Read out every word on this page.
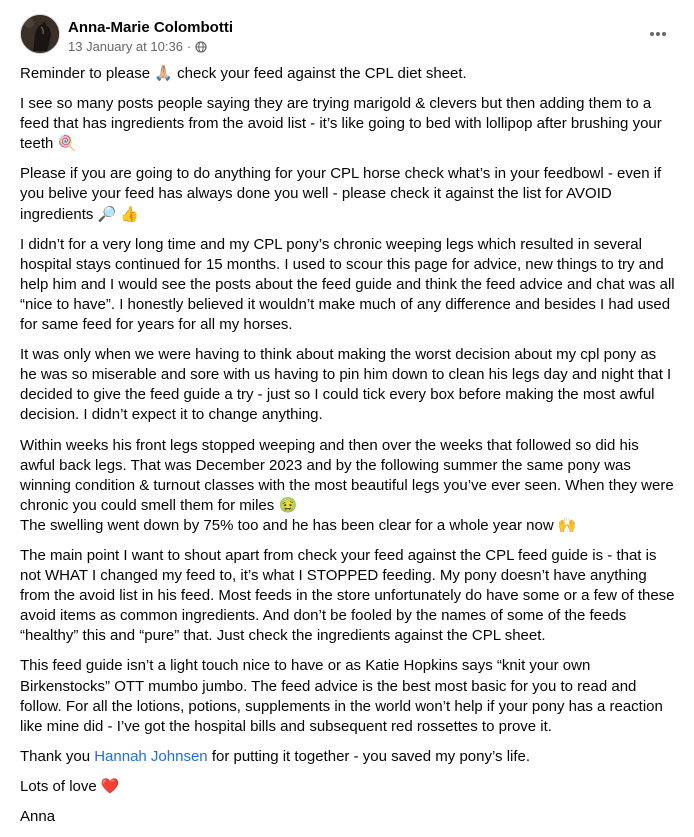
Anna-Marie Colombotti
13 January at 10:36 ·

Reminder to please 🙏🏼 check your feed against the CPL diet sheet.

I see so many posts people saying they are trying marigold & clevers but then adding them to a feed that has ingredients from the avoid list - it’s like going to bed with lollipop after brushing your teeth 🍭

Please if you are going to do anything for your CPL horse check what’s in your feedbowl - even if you belive your feed has always done you well - please check it against the list for AVOID ingredients 🔎 👍

I didn’t for a very long time and my CPL pony’s chronic weeping legs which resulted in several hospital stays continued for 15 months. I used to scour this page for advice, new things to try and help him and I would see the posts about the feed guide and think the feed advice and chat was all “nice to have”. I honestly believed it wouldn’t make much of any difference and besides I had used for same feed for years for all my horses.

It was only when we were having to think about making the worst decision about my cpl pony as he was so miserable and sore with us having to pin him down to clean his legs day and night that I decided to give the feed guide a try - just so I could tick every box before making the most awful decision. I didn’t expect it to change anything.

Within weeks his front legs stopped weeping and then over the weeks that followed so did his awful back legs. That was December 2023 and by the following summer the same pony was winning condition & turnout classes with the most beautiful legs you’ve ever seen. When they were chronic you could smell them for miles 🤢
The swelling went down by 75% too and he has been clear for a whole year now 🙌

The main point I want to shout apart from check your feed against the CPL feed guide is - that is not WHAT I changed my feed to, it’s what I STOPPED feeding. My pony doesn’t have anything from the avoid list in his feed. Most feeds in the store unfortunately do have some or a few of these avoid items as common ingredients. And don’t be fooled by the names of some of the feeds “healthy” this and “pure” that. Just check the ingredients against the CPL sheet.

This feed guide isn’t a light touch nice to have or as Katie Hopkins says “knit your own Birkenstocks” OTT mumbo jumbo. The feed advice is the best most basic for you to read and follow. For all the lotions, potions, supplements in the world won’t help if your pony has a reaction like mine did - I’ve got the hospital bills and subsequent red rossettes to prove it.

Thank you Hannah Johnsen for putting it together - you saved my pony’s life.

Lots of love ❤️

Anna
